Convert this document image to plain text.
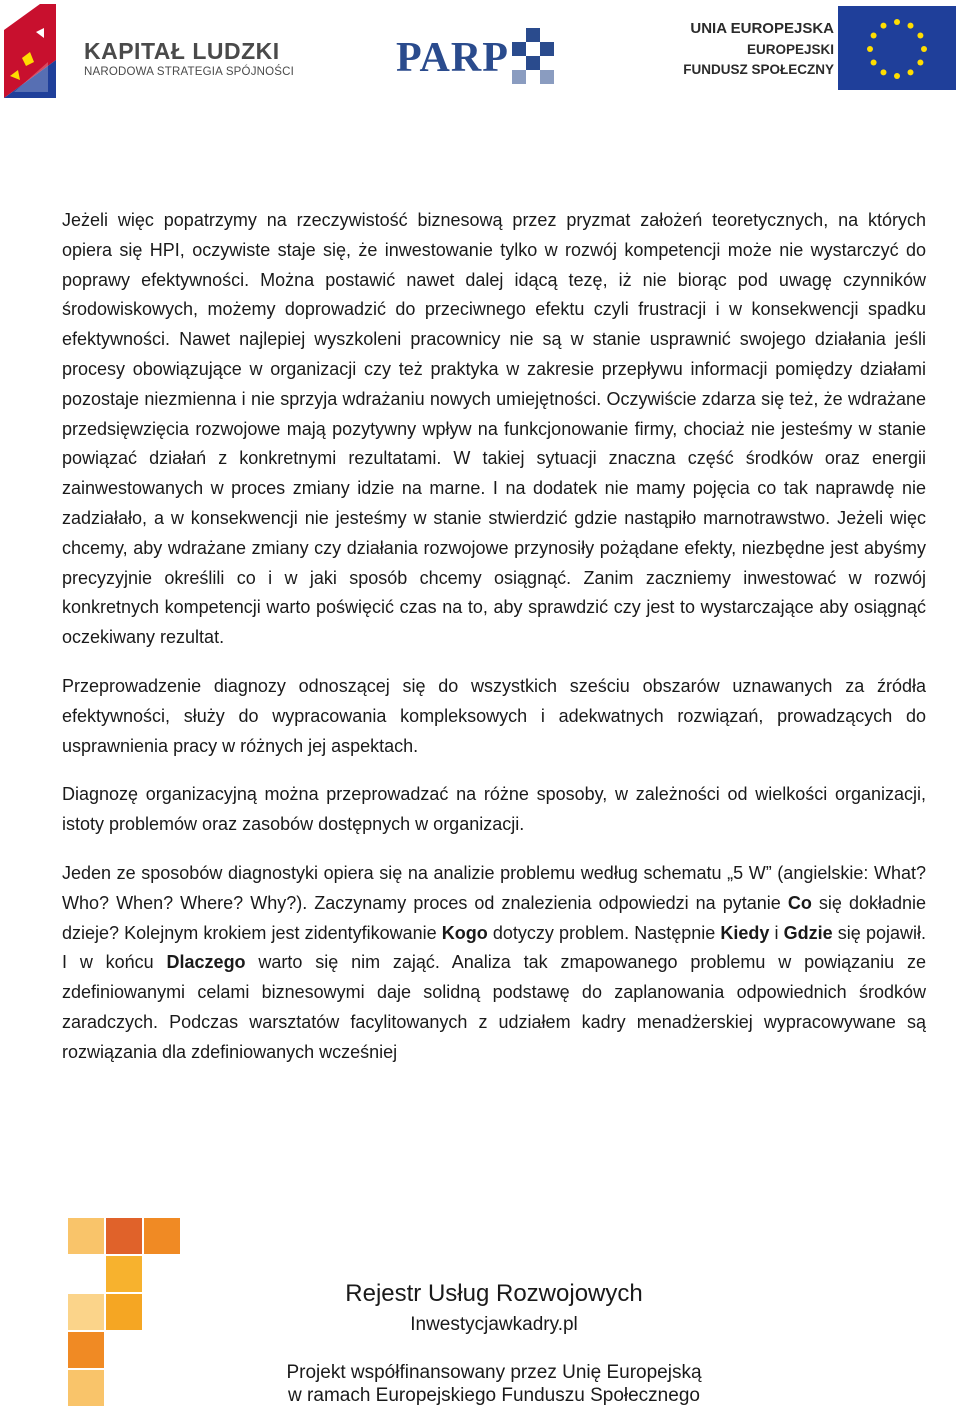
KAPITAŁ LUDZKI
NARODOWA STRATEGIA SPÓJNOŚCI PARP
UNIA EUROPEJSKA
EUROPEJSKI
FUNDUSZ SPOŁECZNY

Jeżeli więc popatrzymy na rzeczywistość biznesową przez pryzmat założeń teoretycznych, na których opiera się HPI, oczywiste staje się, że inwestowanie tylko w rozwój kompetencji może nie wystarczyć do poprawy efektywności. Można postawić nawet dalej idącą tezę, iż nie biorąc pod uwagę czynników środowiskowych, możemy doprowadzić do przeciwnego efektu czyli frustracji i w konsekwencji spadku efektywności. Nawet najlepiej wyszkoleni pracownicy nie są w stanie usprawnić swojego działania jeśli procesy obowiązujące w organizacji czy też praktyka w zakresie przepływu informacji pomiędzy działami pozostaje niezmienna i nie sprzyja wdrażaniu nowych umiejętności. Oczywiście zdarza się też, że wdrażane przedsięwzięcia rozwojowe mają pozytywny wpływ na funkcjonowanie firmy, chociaż nie jesteśmy w stanie powiązać działań z konkretnymi rezultatami. W takiej sytuacji znaczna część środków oraz energii zainwestowanych w proces zmiany idzie na marne. I na dodatek nie mamy pojęcia co tak naprawdę nie zadziałało, a w konsekwencji nie jesteśmy w stanie stwierdzić gdzie nastąpiło marnotrawstwo. Jeżeli więc chcemy, aby wdrażane zmiany czy działania rozwojowe przynosiły pożądane efekty, niezbędne jest abyśmy precyzyjnie określili co i w jaki sposób chcemy osiągnąć. Zanim zaczniemy inwestować w rozwój konkretnych kompetencji warto poświęcić czas na to, aby sprawdzić czy jest to wystarczające aby osiągnąć oczekiwany rezultat.

Przeprowadzenie diagnozy odnoszącej się do wszystkich sześciu obszarów uznawanych za źródła efektywności, służy do wypracowania kompleksowych i adekwatnych rozwiązań, prowadzących do usprawnienia pracy w różnych jej aspektach.

Diagnozę organizacyjną można przeprowadzać na różne sposoby, w zależności od wielkości organizacji, istoty problemów oraz zasobów dostępnych w organizacji.

Jeden ze sposobów diagnostyki opiera się na analizie problemu według schematu „5 W” (angielskie: What? Who? When? Where? Why?). Zaczynamy proces od znalezienia odpowiedzi na pytanie Co się dokładnie dzieje? Kolejnym krokiem jest zidentyfikowanie Kogo dotyczy problem. Następnie Kiedy i Gdzie się pojawił. I w końcu Dlaczego warto się nim zająć. Analiza tak zmapowanego problemu w powiązaniu ze zdefiniowanymi celami biznesowymi daje solidną podstawę do zaplanowania odpowiednich środków zaradczych. Podczas warsztatów facylitowanych z udziałem kadry menadżerskiej wypracowywane są rozwiązania dla zdefiniowanych wcześniej

Rejestr Usług Rozwojowych
Inwestycjawkadry.pl
Projekt współfinansowany przez Unię Europejską
w ramach Europejskiego Funduszu Społecznego
